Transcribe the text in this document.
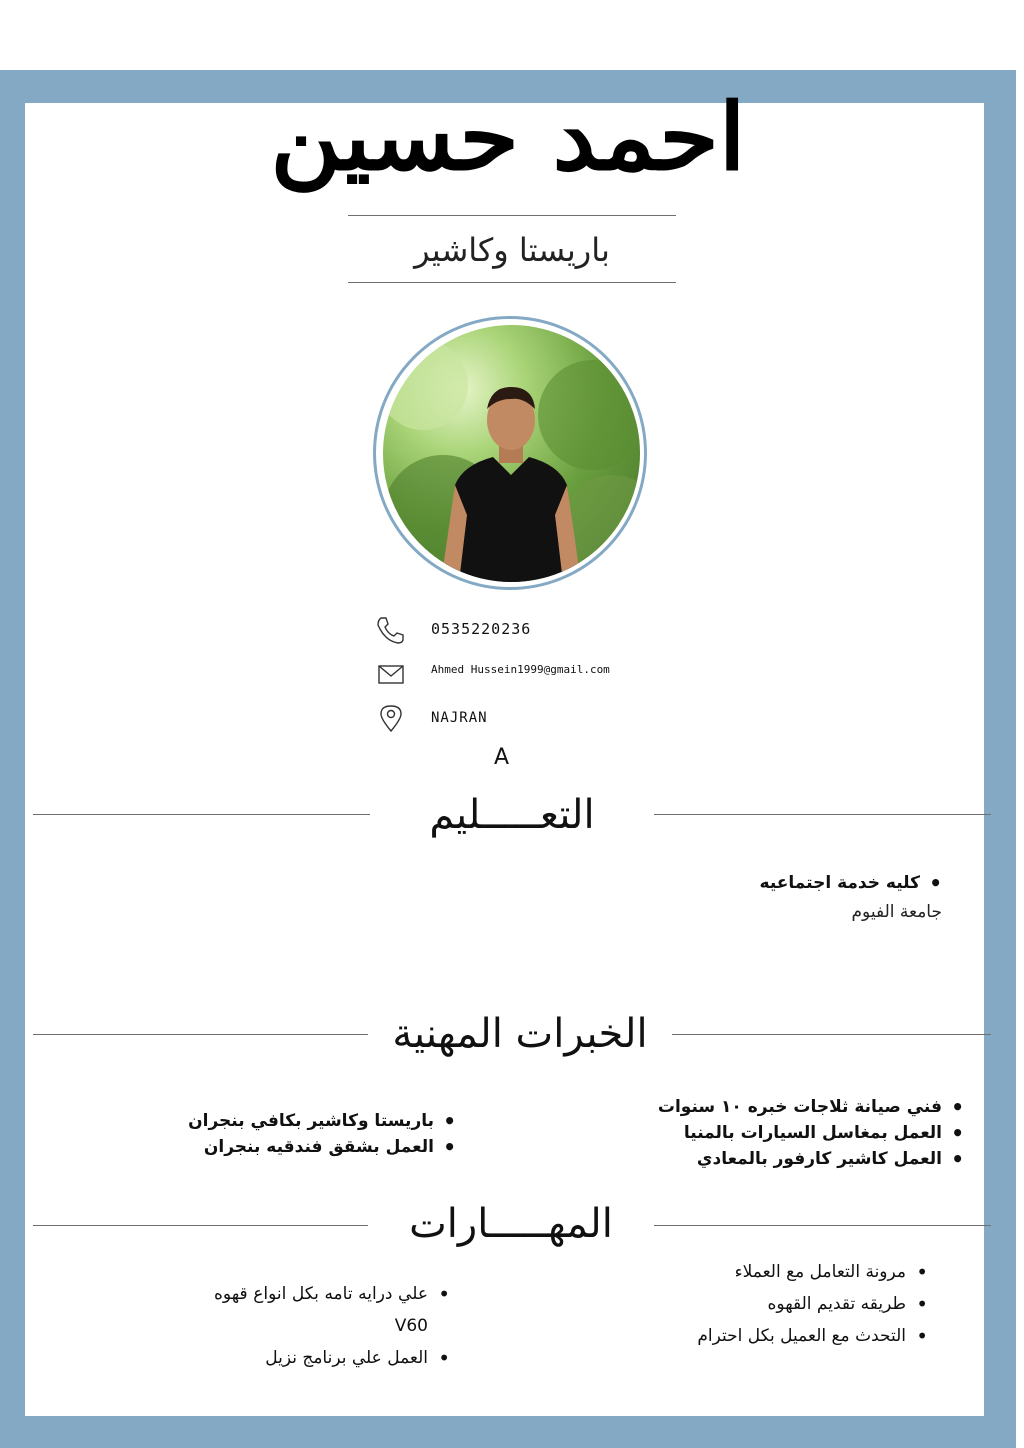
احمد حسين
باريستا وكاشير
0535220236
Ahmed Hussein1999@gmail.com
NAJRAN
A
التعـــــليم
• كليه خدمة اجتماعيه
جامعة الفيوم
الخبرات المهنية
• فني صيانة ثلاجات خبره ١٠ سنوات
• العمل بمغاسل السيارات بالمنيا
• العمل كاشير كارفور بالمعادي
• باريستا وكاشير بكافي بنجران
• العمل بشقق فندقيه بنجران
المهـــــارات
• مرونة التعامل مع العملاء
• طريقه تقديم القهوه
• التحدث مع العميل بكل احترام
• علي درايه تامه بكل انواع قهوه V60
• العمل علي برنامج نزيل
